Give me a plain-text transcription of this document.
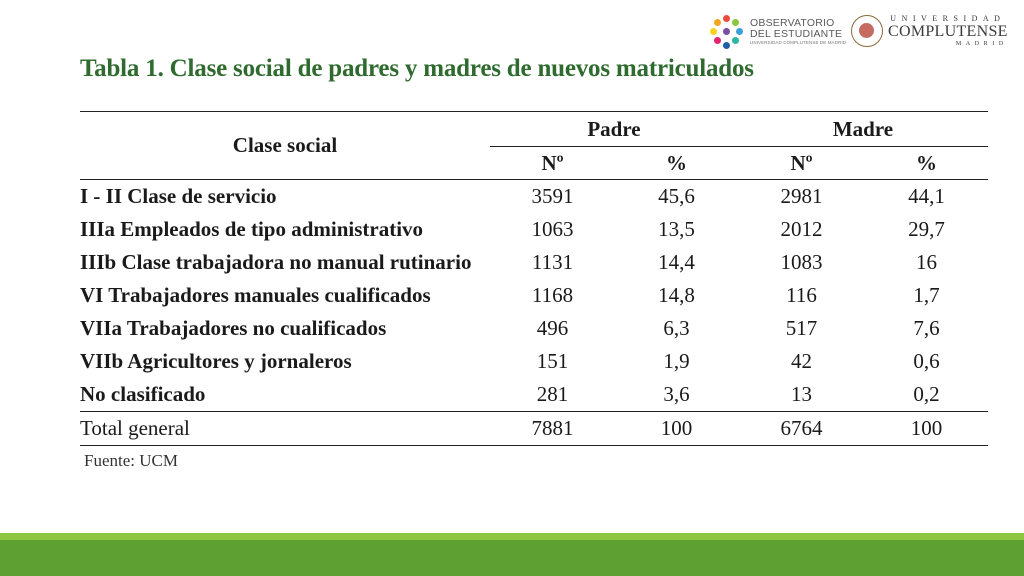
OBSERVATORIO
DEL ESTUDIANTE
UNIVERSIDAD COMPLUTENSE DE MADRID
UNIVERSIDAD
COMPLUTENSE
MADRID
Tabla 1. Clase social de padres y madres de nuevos matriculados
Clase social	Padre		Madre	
	Nº	%	Nº	%
I - II Clase de servicio	3591	45,6	2981	44,1
IIIa Empleados de tipo administrativo	1063	13,5	2012	29,7
IIIb Clase trabajadora no manual rutinario	1131	14,4	1083	16
VI Trabajadores manuales cualificados	1168	14,8	116	1,7
VIIa Trabajadores no cualificados	496	6,3	517	7,6
VIIb Agricultores y jornaleros	151	1,9	42	0,6
No clasificado	281	3,6	13	0,2
Total general	7881	100	6764	100
Fuente: UCM
